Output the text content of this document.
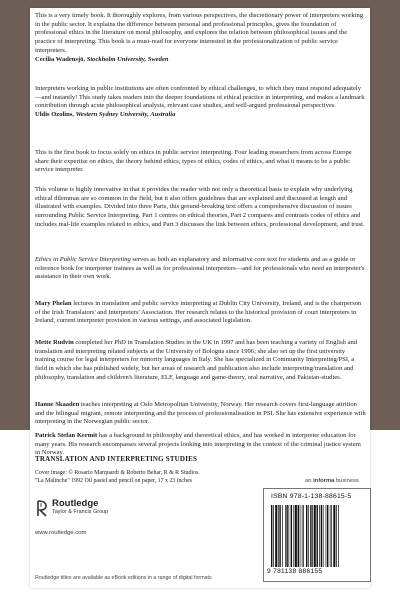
This is a very timely book. It thoroughly explores, from various perspectives, the discretionary power of interpreters working in the public sector. It explains the difference between personal and professional principles, gives the foundation of professional ethics in the literature on moral philosophy, and explores the relation between philosophical issues and the practice of interpreting. This book is a must-read for everyone interested in the professionalization of public service interpreters.

Cecilia Wadensjö, Stockholm University, Sweden

Interpreters working in public institutions are often confronted by ethical challenges, to which they must respond adequately—and instantly! This study takes readers into the deeper foundations of ethical practice in interpreting, and makes a landmark contribution through acute philosophical analysis, relevant case studies, and well-argued professional perspectives.

Uldis Ozolins, Western Sydney University, Australia

This is the first book to focus solely on ethics in public service interpreting. Four leading researchers from across Europe share their expertise on ethics, the theory behind ethics, types of ethics, codes of ethics, and what it means to be a public service interpreter.

This volume is highly innovative in that it provides the reader with not only a theoretical basis to explain why underlying ethical dilemmas are so common in the field, but it also offers guidelines that are explained and discussed at length and illustrated with examples. Divided into three Parts, this ground-breaking text offers a comprehensive discussion of issues surrounding Public Service Interpreting. Part 1 centres on ethical theories, Part 2 compares and contrasts codes of ethics and includes real-life examples related to ethics, and Part 3 discusses the link between ethics, professional development, and trust.

Ethics in Public Service Interpreting serves as both an explanatory and informative core text for students and as a guide or reference book for interpreter trainees as well as for professional interpreters—and for professionals who need an interpreter's assistance in their own work.

Mary Phelan lectures in translation and public service interpreting at Dublin City University, Ireland, and is the chairperson of the Irish Translators' and Interpreters' Association. Her research relates to the historical provision of court interpreters in Ireland, current interpreter provision in various settings, and associated legislation.

Mette Rudvin completed her PhD in Translation Studies in the UK in 1997 and has been teaching a variety of English and translation and interpreting related subjects at the University of Bologna since 1996; she also set up the first university training course for legal interpreters for minority languages in Italy. She has specialized in Community Interpreting/PSI, a field in which she has published widely, but her areas of research and publication also include interpreting/translation and philosophy, translation and children's literature, ELF, language and game-theory, oral narrative, and Pakistan-studies.

Hanne Skaaden teaches interpreting at Oslo Metropolitan University, Norway. Her research covers first-language attrition and the bilingual migrant, remote interpreting and the process of professionalisation in PSI. She has extensive experience with interpreting in the Norwegian public sector.

Patrick Stefan Kermit has a background in philosophy and theoretical ethics, and has worked in interpreter education for many years. His research encompasses several projects looking into interpreting in the context of the criminal justice system in Norway.

TRANSLATION AND INTERPRETING STUDIES
Cover image: © Rosario Marquardt & Roberto Behar, R & R Studios.
"La Malinche" 1992 Oil pastel and pencil on paper, 17 x 23 inches	an informa business
Routledge
Taylor & Francis Group
www.routledge.com
ISBN 978-1-138-88615-5
9 781138 886155
Routledge titles are available as eBook editions in a range of digital formats
